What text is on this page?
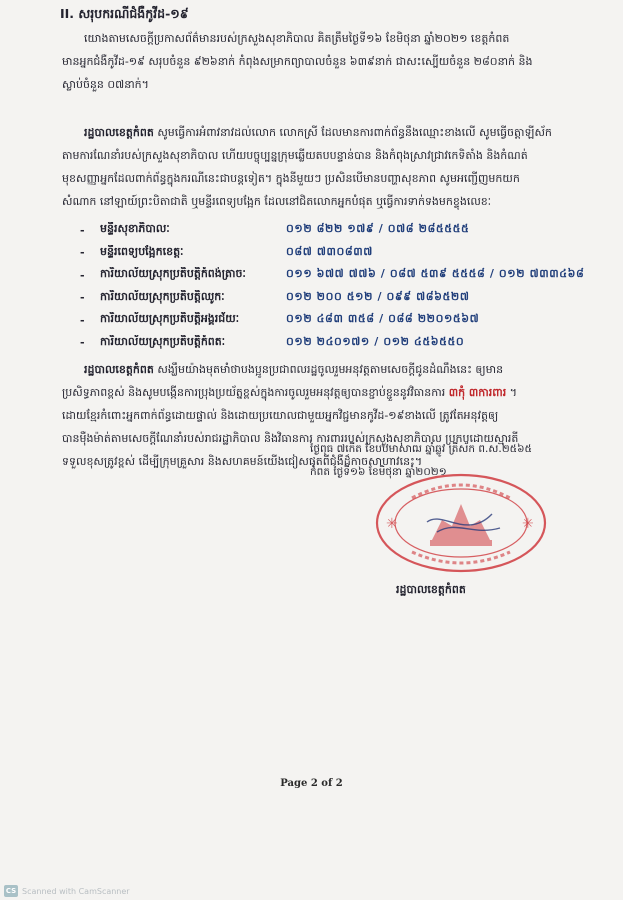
II. សរុបករណីជំងឺកូវីដ-១៩
យោងតាមសេចក្ដីប្រកាសព័ត៌មានរបស់ក្រសួងសុខាភិបាល គិតត្រឹមថ្ងៃទី១៦ ខែមិថុនា ឆ្នាំ២០២១ ខេត្តកំពត
មានអ្នកជំងឺកូវីដ-១៩ សរុបចំនួន ៩២៦នាក់ កំពុងសម្រាកព្យាបាលចំនួន ៦៣៩នាក់ ជាសះស្បើយចំនួន ២៨០នាក់ និង
ស្លាប់ចំនួន ០៧នាក់។
រដ្ឋបាលខេត្តកំពត សូមធ្វើការអំពាវនាវដល់លោក លោកស្រី ដែលមានការពាក់ព័ន្ធនឹងឈ្មោះខាងលើ សូមធ្វើចត្តាឡីស័ក
តាមការណែនាំរបស់ក្រសួងសុខាភិបាល ហើយបច្ចុប្បន្នក្រុមឆ្លើយតបបន្ទាន់បាន និងកំពុងស្រាវជ្រាវកេទិតាំង និងកំណត់
មុខសញ្ញាអ្នកដែលពាក់ព័ន្ធក្នុងករណីនេះជាបន្តទៀត។ ក្នុងនីមួយៗ ប្រសិនបើមានបញ្ហាសុខភាព សូមអញ្ជើញមកយក
សំណាក នៅឡាយ៍ព្រះបិតាជាតិ ឬមន្ទីរពេទ្យបង្អែក ដែលនៅជិតលោកអ្នកបំផុត ឬធ្វើការទាក់ទងមកខ្ទុងលេខៈ
-	មន្ទីរសុខាភិបាលៈ	០១២ ៨២២ ១៧៩ / ០៧៨ ២៨៥៥៥៥
-	មន្ទីរពេទ្យបង្អែកខេត្តៈ	០៨៧ ៧៣០៨៣៧
-	ការិយាល័យស្រុកប្រតិបត្តិកំពង់ត្រាចៈ	០១១ ៦៧៧ ៧៧៦ / ០៨៧ ៥៣៩ ៥៥៥៨ / ០១២ ៧៣៣៤៦៨
-	ការិយាល័យស្រុកប្រតិបត្តិឈូកៈ	០១២ ២០០ ៥១២ / ០៩៩ ៧៨៦៥២៧
-	ការិយាល័យស្រុកប្រតិបត្តិអង្គរជ័យៈ	០១២ ៤៨៣ ៣៥៨ / ០៨៨ ២២០១៥៦៧
-	ការិយាល័យស្រុកប្រតិបត្តិកំពតៈ	០១២ ២៤០១៧១ / ០១២ ៤៥៦៥៥០
រដ្ឋបាលខេត្តកំពត សង្ឃឹមយ៉ាងមុតមាំថាបងប្អូនប្រជាពលរដ្ឋចូលរួមអនុវត្តតាមសេចក្ដីជូនដំណឹងនេះ ឲ្យមាន
ប្រសិទ្ធភាពខ្ពស់ និងសូមបង្កើនការប្រុងប្រយ័ត្នខ្ពស់ក្នុងការចូលរួមអនុវត្តឲ្យបានខ្ជាប់ខ្ជួននូវវិធានការ ៣កុំ ៣ការពារ ។
ដោយខ្មែរកំពោះអ្នកពាក់ព័ន្ធដោយផ្ទាល់ និងដោយប្រយោលជាមួយអ្នកវិជ្ជមានកូវីដ-១៩ខាងលើ ត្រូវតែអនុវត្តឲ្យ
បានម៉ឺងម៉ាត់តាមសេចក្ដីណែនាំរបស់រាជរដ្ឋាភិបាល និងវិធានការ ការពាររបស់ក្រសួងសុខាភិបាល ប្រកបដោយស្មារតី
ទទួលខុសត្រូវខ្ពស់ ដើម្បីក្រុមគ្រួសារ និងសហគមន៍យើងជៀសផុតពីជំងឺដ៏កាចសាហាវនេះ។
ថ្ងៃពុធ ៧កើត ខែបឋមាសាឍ ឆ្នាំឆ្លូវ ត្រីស័ក ព.ស.២៥៦៥
កំពត ថ្ងៃទី១៦ ខែមិថុនា ឆ្នាំ២០២១
✳	✳
រដ្ឋបាលខេត្តកំពត
Page 2 of 2
CS Scanned with CamScanner
